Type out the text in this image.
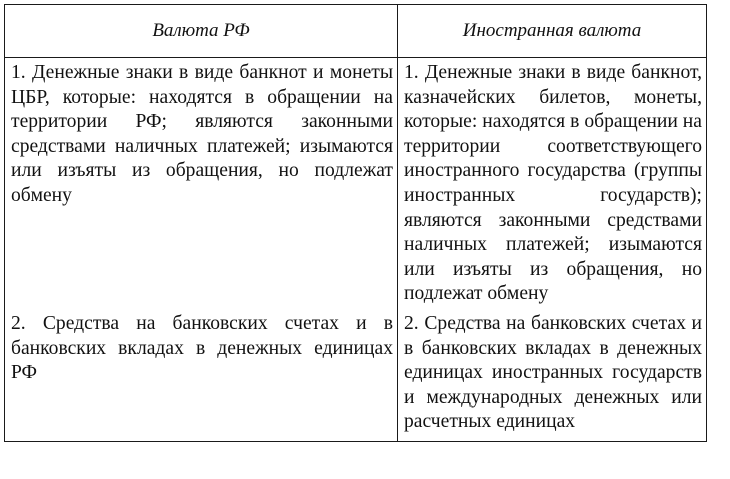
Валюта РФ	Иностранная валюта

1. Денежные знаки в виде банкнот и монеты ЦБР, которые: находятся в обращении на территории РФ; являются законными средствами наличных платежей; изымаются или изъяты из обращения, но подлежат обмену	1. Денежные знаки в виде банкнот, казначейских билетов, монеты, которые: находятся в обращении на территории соответствующего иностранного государства (группы иностранных государств); являются законными средствами наличных платежей; изымаются или изъяты из обращения, но подлежат обмену

2. Средства на банковских счетах и в банковских вкладах в денежных единицах РФ	2. Средства на банковских счетах и в банковских вкладах в денежных единицах иностранных государств и международных денежных или расчетных единицах
